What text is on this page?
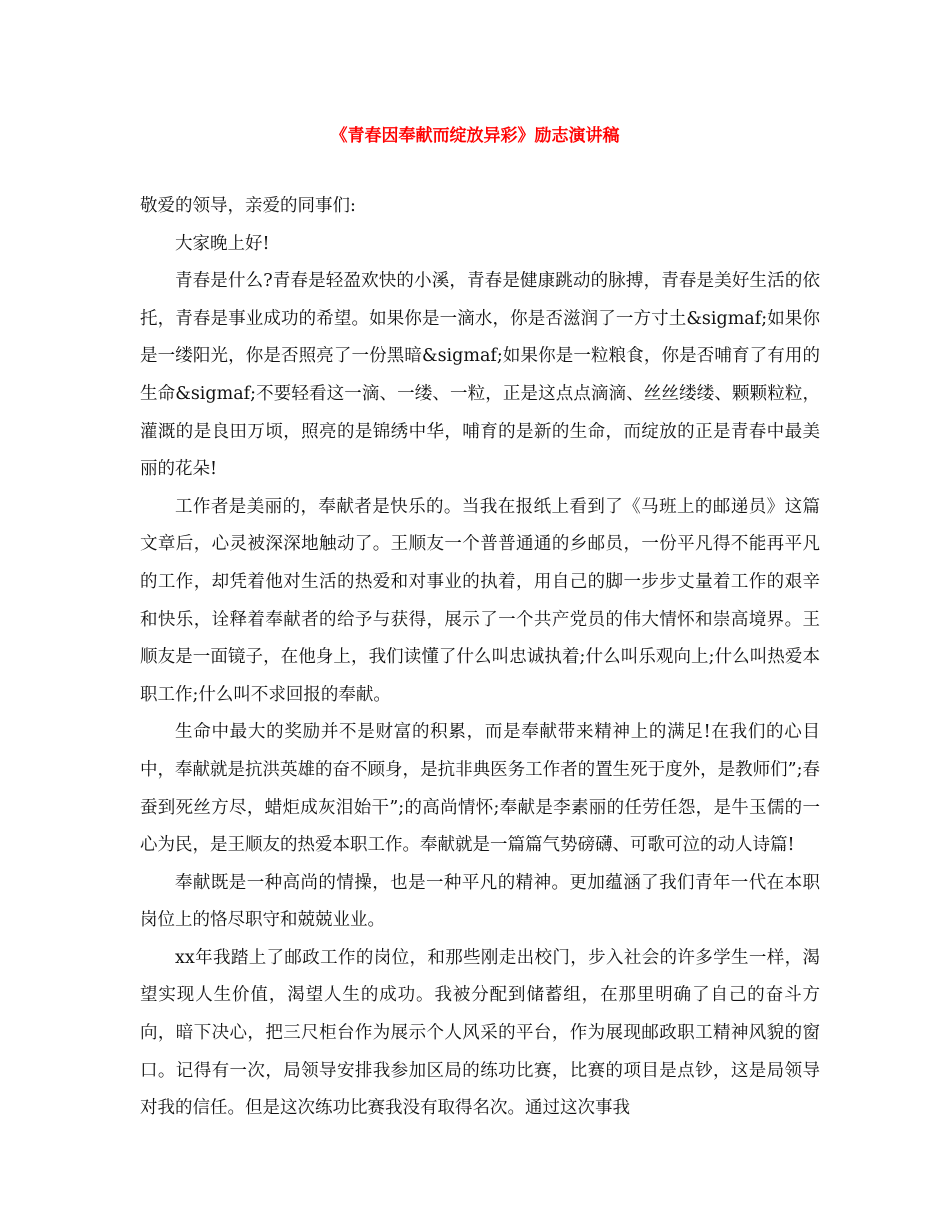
《青春因奉献而绽放异彩》励志演讲稿

敬爱的领导，亲爱的同事们:

大家晚上好!

青春是什么?青春是轻盈欢快的小溪，青春是健康跳动的脉搏，青春是美好生活的依托，青春是事业成功的希望。如果你是一滴水，你是否滋润了一方寸土&sigmaf;如果你是一缕阳光，你是否照亮了一份黑暗&sigmaf;如果你是一粒粮食，你是否哺育了有用的生命&sigmaf;不要轻看这一滴、一缕、一粒，正是这点点滴滴、丝丝缕缕、颗颗粒粒，灌溉的是良田万顷，照亮的是锦绣中华，哺育的是新的生命，而绽放的正是青春中最美丽的花朵!

工作者是美丽的，奉献者是快乐的。当我在报纸上看到了《马班上的邮递员》这篇文章后，心灵被深深地触动了。王顺友一个普普通通的乡邮员，一份平凡得不能再平凡的工作，却凭着他对生活的热爱和对事业的执着，用自己的脚一步步丈量着工作的艰辛和快乐，诠释着奉献者的给予与获得，展示了一个共产党员的伟大情怀和崇高境界。王顺友是一面镜子，在他身上，我们读懂了什么叫忠诚执着;什么叫乐观向上;什么叫热爱本职工作;什么叫不求回报的奉献。

生命中最大的奖励并不是财富的积累，而是奉献带来精神上的满足!在我们的心目中，奉献就是抗洪英雄的奋不顾身，是抗非典医务工作者的置生死于度外，是教师们”;春蚕到死丝方尽，蜡炬成灰泪始干”;的高尚情怀;奉献是李素丽的任劳任怨，是牛玉儒的一心为民，是王顺友的热爱本职工作。奉献就是一篇篇气势磅礴、可歌可泣的动人诗篇!

奉献既是一种高尚的情操，也是一种平凡的精神。更加蕴涵了我们青年一代在本职岗位上的恪尽职守和兢兢业业。

xx年我踏上了邮政工作的岗位，和那些刚走出校门，步入社会的许多学生一样，渴望实现人生价值，渴望人生的成功。我被分配到储蓄组，在那里明确了自己的奋斗方向，暗下决心，把三尺柜台作为展示个人风采的平台，作为展现邮政职工精神风貌的窗口。记得有一次，局领导安排我参加区局的练功比赛，比赛的项目是点钞，这是局领导对我的信任。但是这次练功比赛我没有取得名次。通过这次事我
